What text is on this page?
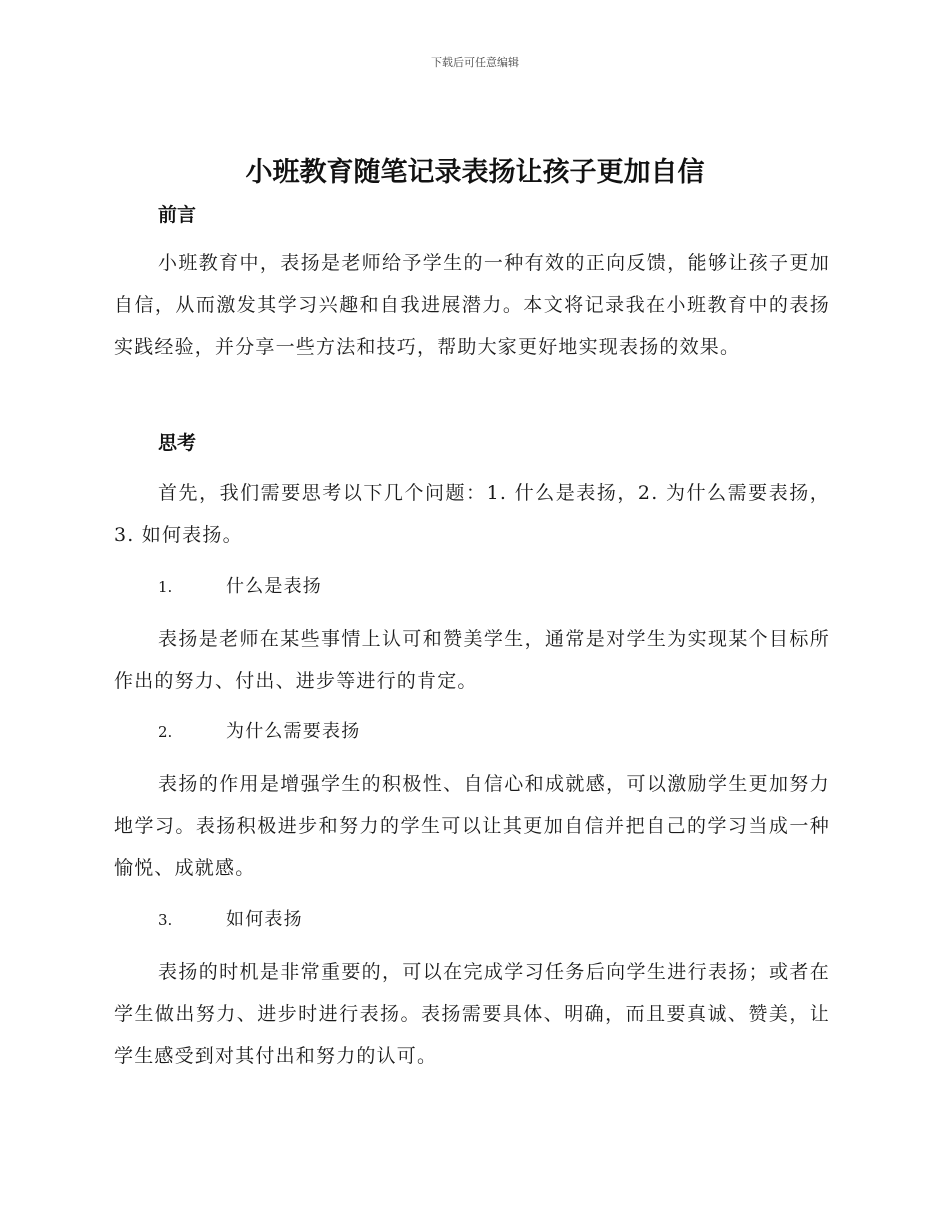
下载后可任意编辑
小班教育随笔记录表扬让孩子更加自信
前言

小班教育中，表扬是老师给予学生的一种有效的正向反馈，能够让孩子更加自信，从而激发其学习兴趣和自我进展潜力。本文将记录我在小班教育中的表扬实践经验，并分享一些方法和技巧，帮助大家更好地实现表扬的效果。

思考

首先，我们需要思考以下几个问题：1. 什么是表扬，2. 为什么需要表扬，3. 如何表扬。

1.	什么是表扬

表扬是老师在某些事情上认可和赞美学生，通常是对学生为实现某个目标所作出的努力、付出、进步等进行的肯定。

2.	为什么需要表扬

表扬的作用是增强学生的积极性、自信心和成就感，可以激励学生更加努力地学习。表扬积极进步和努力的学生可以让其更加自信并把自己的学习当成一种愉悦、成就感。

3.	如何表扬

表扬的时机是非常重要的，可以在完成学习任务后向学生进行表扬；或者在学生做出努力、进步时进行表扬。表扬需要具体、明确，而且要真诚、赞美，让学生感受到对其付出和努力的认可。
